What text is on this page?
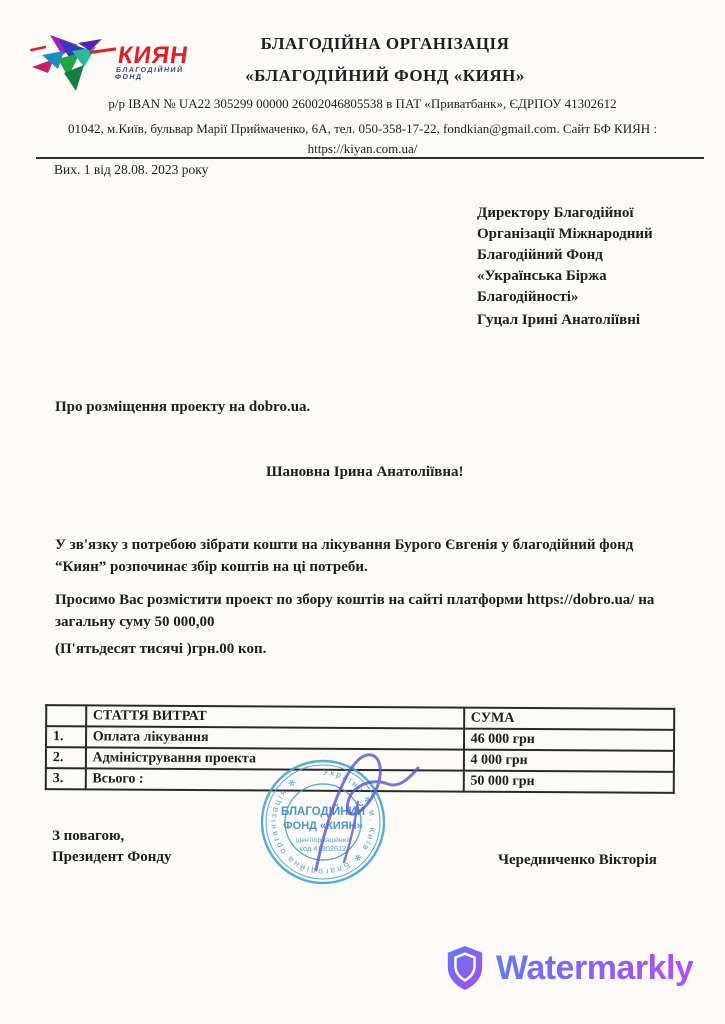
КИЯН
БЛАГОДІЙНИЙ ФОНД
БЛАГОДІЙНА ОРГАНІЗАЦІЯ
«БЛАГОДІЙНИЙ ФОНД «КИЯН»
р/р IBAN № UA22 305299 00000 26002046805538 в ПАТ «Приватбанк», ЄДРПОУ 41302612
01042, м.Київ, бульвар Марії Приймаченко, 6А, тел. 050-358-17-22, fondkian@gmail.com. Сайт БФ КИЯН :
https://kiyan.com.ua/
Вих. 1 від 28.08. 2023 року
Директору Благодійної
Організації Міжнародний
Благодійний Фонд
«Українська Біржа
Благодійності»
Гуцал Ірині Анатоліївні
Про розміщення проекту на dobro.ua.
Шановна Ірина Анатоліївна!
У зв'язку з потребою зібрати кошти на лікування Бурого Євгенія у благодійний фонд “Киян” розпочинає збір коштів на ці потреби.
Просимо Вас розмістити проект по збору коштів на сайті платформи https://dobro.ua/ на загальну суму 50 000,00
(П'ятьдесят тисячі )грн.00 коп.
	СТАТТЯ ВИТРАТ	СУМА
1.	Оплата лікування	46 000 грн
2.	Адміністрування проекта	4 000 грн
3.	Всього :	50 000 грн
З повагою,
Президент Фонду	Чередниченко Вікторія
Україна ✻ м. Київ ✻ Благодійна організація ✻
БЛАГОДІЙНИЙ
ФОНД «КИЯН»
ідентифікаційний
код 41302612
Watermarkly
